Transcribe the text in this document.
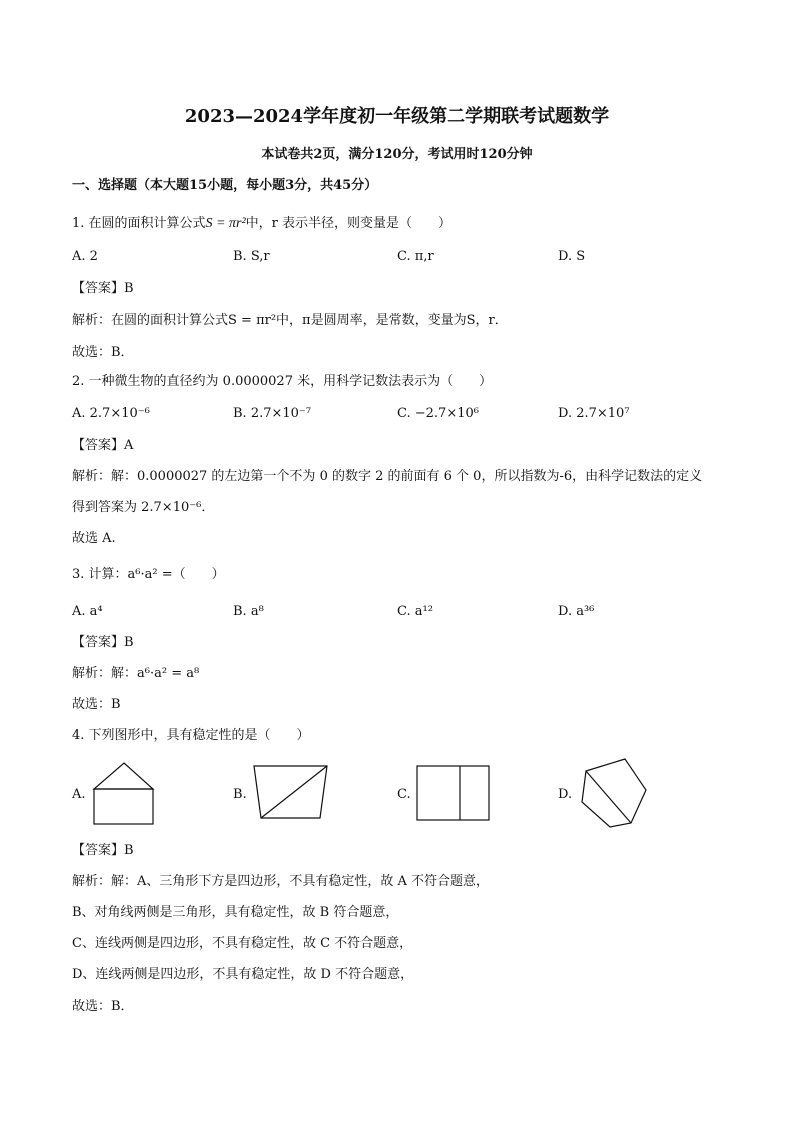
2023—2024学年度初一年级第二学期联考试题数学
本试卷共2页，满分120分，考试用时120分钟
一、选择题（本大题15小题，每小题3分，共45分）
1. 在圆的面积计算公式S = πr²中，r 表示半径，则变量是（　　）
A. 2	B. S,r	C. π,r	D. S
【答案】B
解析：在圆的面积计算公式S = πr²中，π是圆周率，是常数，变量为S，r．
故选：B．
2. 一种微生物的直径约为 0.0000027 米，用科学记数法表示为（　　）
A. 2.7×10⁻⁶	B. 2.7×10⁻⁷	C. −2.7×10⁶	D. 2.7×10⁷
【答案】A
解析：解：0.0000027 的左边第一个不为 0 的数字 2 的前面有 6 个 0，所以指数为-6，由科学记数法的定义
得到答案为 2.7×10⁻⁶．
故选 A.
3. 计算：a⁶·a² =（　　）
A. a⁴	B. a⁸	C. a¹²	D. a³⁶
【答案】B
解析：解：a⁶·a² = a⁸
故选：B
4. 下列图形中，具有稳定性的是（　　）
A.	B.	C.	D.
【答案】B
解析：解：A、三角形下方是四边形，不具有稳定性，故 A 不符合题意，
B、对角线两侧是三角形，具有稳定性，故 B 符合题意，
C、连线两侧是四边形，不具有稳定性，故 C 不符合题意，
D、连线两侧是四边形，不具有稳定性，故 D 不符合题意，
故选：B．
